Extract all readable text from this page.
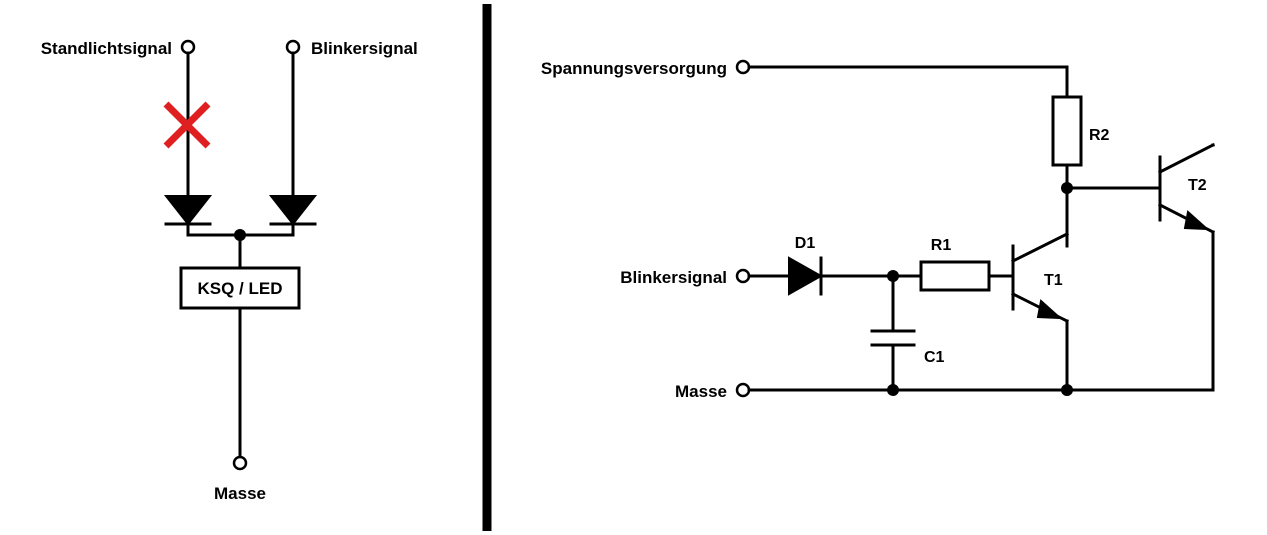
Standlichtsignal	Blinkersignal
KSQ / LED
Masse
Spannungsversorgung
Blinkersignal
Masse
R2
T2
D1	R1
C1
T1
